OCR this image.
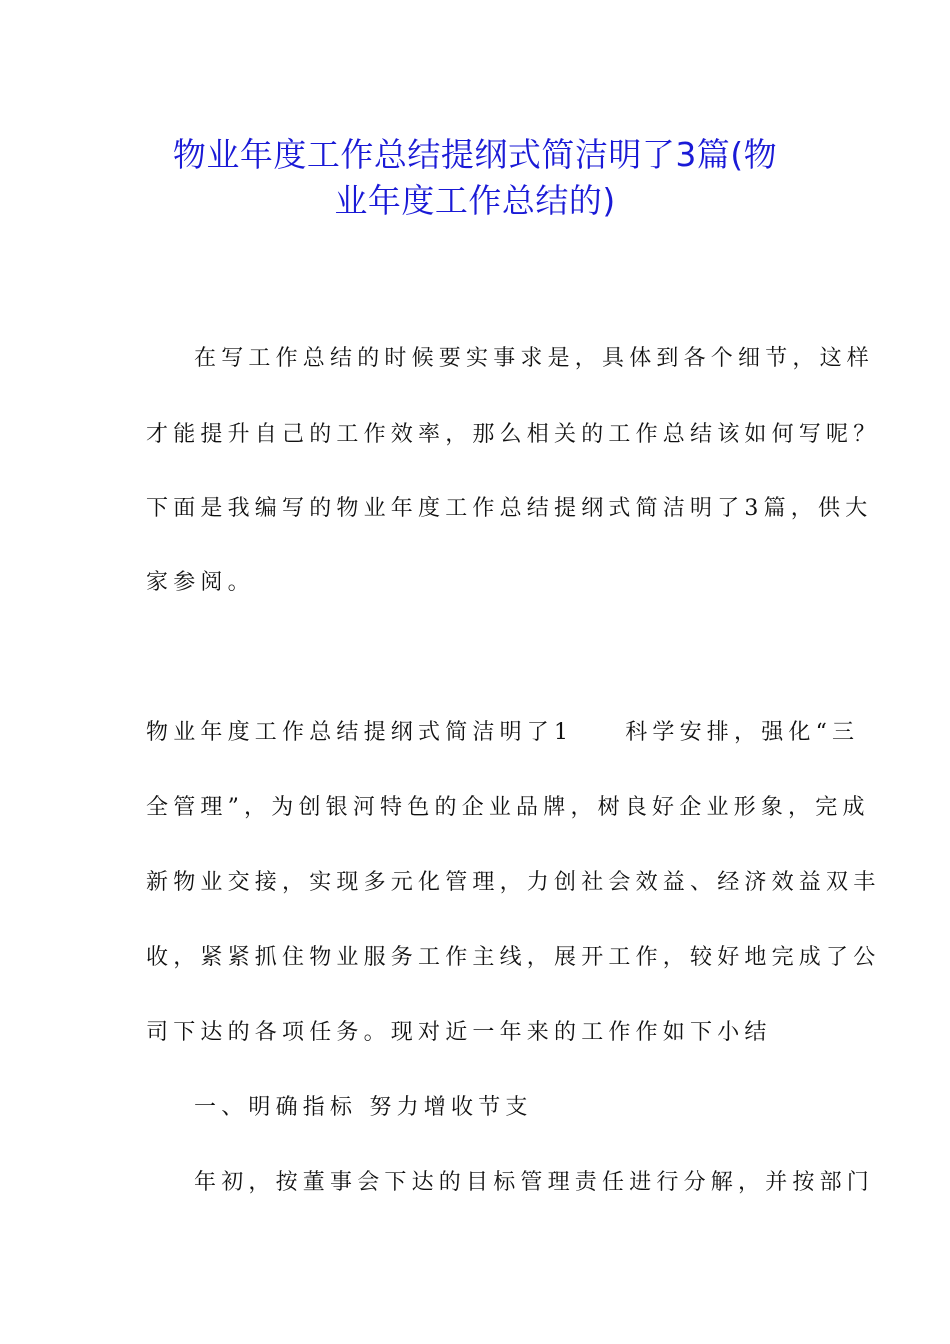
物业年度工作总结提纲式简洁明了3篇(物
业年度工作总结的)
在写工作总结的时候要实事求是，具体到各个细节，这样
才能提升自己的工作效率，那么相关的工作总结该如何写呢？
下面是我编写的物业年度工作总结提纲式简洁明了3篇，供大
家参阅。
物业年度工作总结提纲式简洁明了1 科学安排，强化“三
全管理”，为创银河特色的企业品牌，树良好企业形象，完成
新物业交接，实现多元化管理，力创社会效益、经济效益双丰
收，紧紧抓住物业服务工作主线，展开工作，较好地完成了公
司下达的各项任务。现对近一年来的工作作如下小结
一、明确指标 努力增收节支
年初，按董事会下达的目标管理责任进行分解，并按部门
